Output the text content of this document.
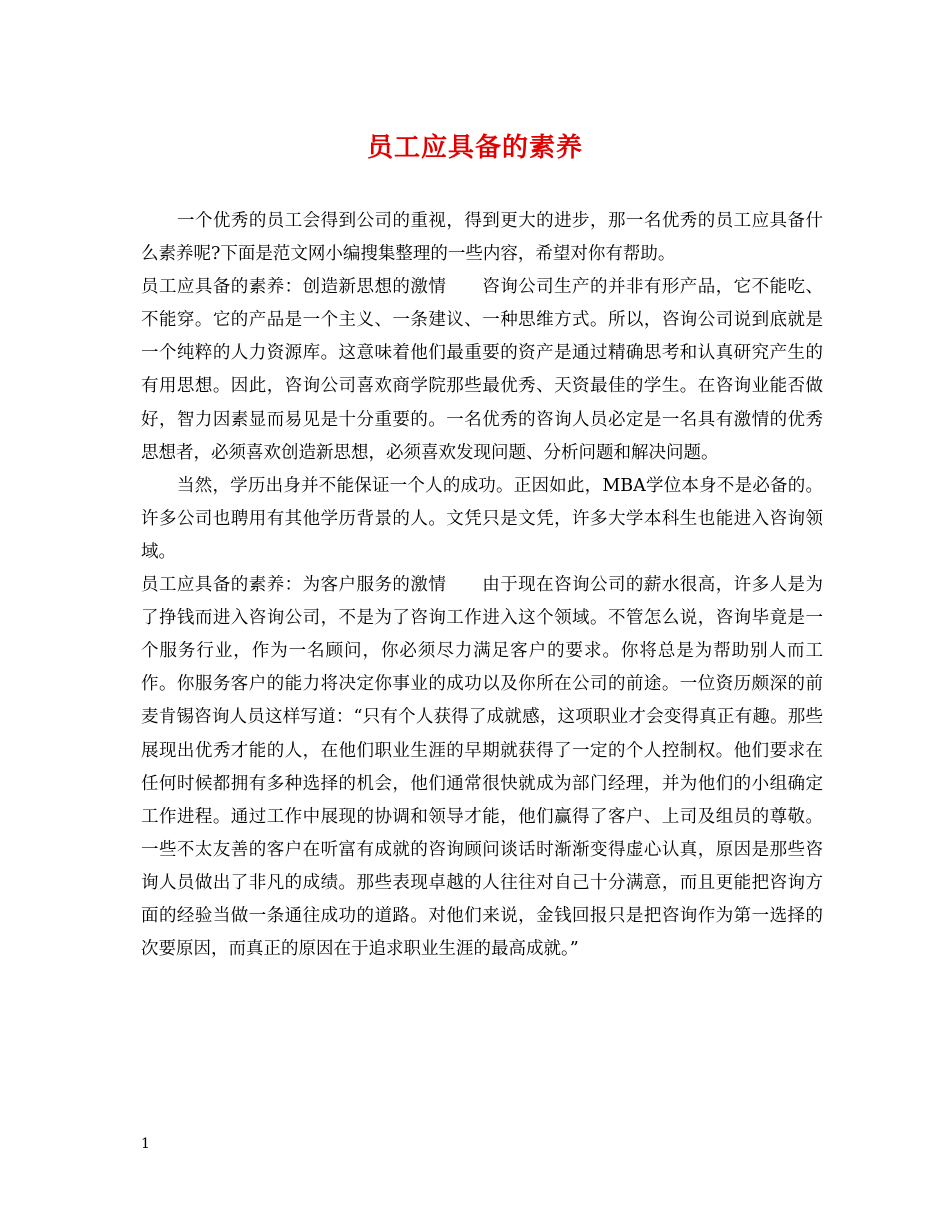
员工应具备的素养

一个优秀的员工会得到公司的重视，得到更大的进步，那一名优秀的员工应具备什么素养呢?下面是范文网小编搜集整理的一些内容，希望对你有帮助。

员工应具备的素养：创造新思想的激情　　咨询公司生产的并非有形产品，它不能吃、不能穿。它的产品是一个主义、一条建议、一种思维方式。所以，咨询公司说到底就是一个纯粹的人力资源库。这意味着他们最重要的资产是通过精确思考和认真研究产生的有用思想。因此，咨询公司喜欢商学院那些最优秀、天资最佳的学生。在咨询业能否做好，智力因素显而易见是十分重要的。一名优秀的咨询人员必定是一名具有激情的优秀思想者，必须喜欢创造新思想，必须喜欢发现问题、分析问题和解决问题。

当然，学历出身并不能保证一个人的成功。正因如此，MBA学位本身不是必备的。许多公司也聘用有其他学历背景的人。文凭只是文凭，许多大学本科生也能进入咨询领域。

员工应具备的素养：为客户服务的激情　　由于现在咨询公司的薪水很高，许多人是为了挣钱而进入咨询公司，不是为了咨询工作进入这个领域。不管怎么说，咨询毕竟是一个服务行业，作为一名顾问，你必须尽力满足客户的要求。你将总是为帮助别人而工作。你服务客户的能力将决定你事业的成功以及你所在公司的前途。一位资历颇深的前麦肯锡咨询人员这样写道：“只有个人获得了成就感，这项职业才会变得真正有趣。那些展现出优秀才能的人，在他们职业生涯的早期就获得了一定的个人控制权。他们要求在任何时候都拥有多种选择的机会，他们通常很快就成为部门经理，并为他们的小组确定工作进程。通过工作中展现的协调和领导才能，他们赢得了客户、上司及组员的尊敬。一些不太友善的客户在听富有成就的咨询顾问谈话时渐渐变得虚心认真，原因是那些咨询人员做出了非凡的成绩。那些表现卓越的人往往对自己十分满意，而且更能把咨询方面的经验当做一条通往成功的道路。对他们来说，金钱回报只是把咨询作为第一选择的次要原因，而真正的原因在于追求职业生涯的最高成就。”

1
